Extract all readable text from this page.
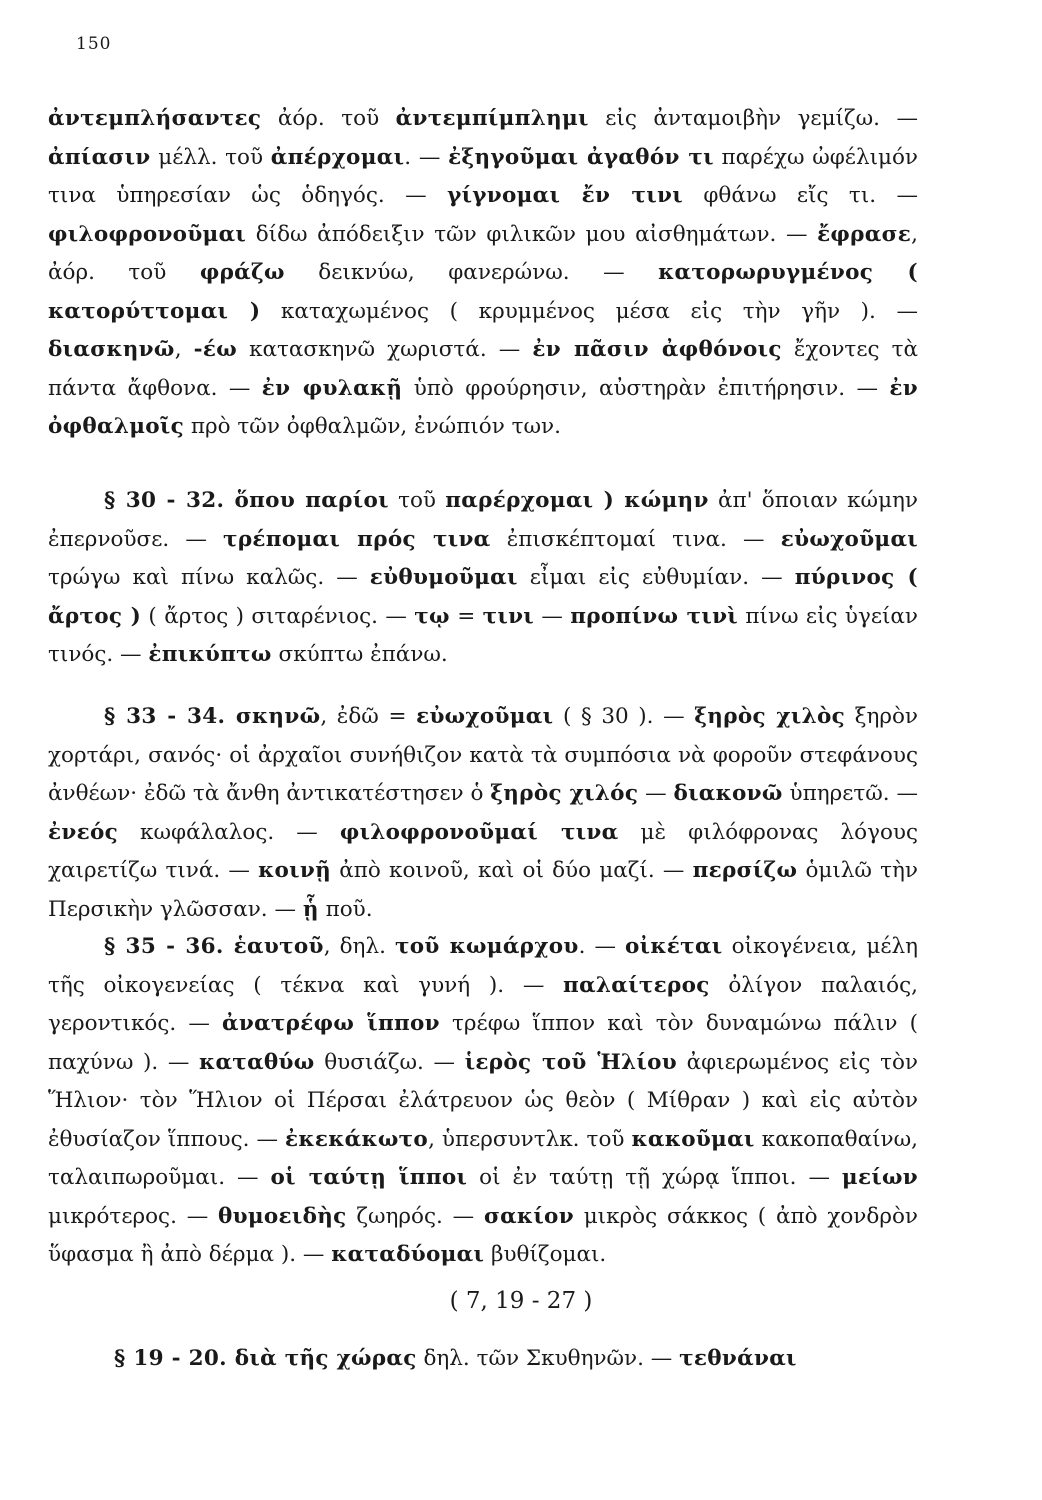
150

ἀντεμπλήσαντες ἀόρ. τοῦ ἀντεμπίμπλημι εἰς ἀνταμοιβὴν γεμίζω. — ἀπίασιν μέλλ. τοῦ ἀπέρχομαι. — ἐξηγοῦμαι ἀγαθόν τι παρέχω ὠφέλιμόν τινα ὑπηρεσίαν ὡς ὁδηγός. — γίγνομαι ἔν τινι φθάνω εἴς τι. — φιλοφρονοῦμαι δίδω ἀπόδειξιν τῶν φιλικῶν μου αἰσθημάτων. — ἔφρασε, ἀόρ. τοῦ φράζω δεικνύω, φανερώνω. — κατορωρυγμένος ( κατορύττομαι ) καταχωμένος ( κρυμμένος μέσα εἰς τὴν γῆν ). — διασκηνῶ, -έω κατασκηνῶ χωριστά. — ἐν πᾶσιν ἀφθόνοις ἔχοντες τὰ πάντα ἄφθονα. — ἐν φυλακῇ ὑπὸ φρούρησιν, αὐστηρὰν ἐπιτήρησιν. — ἐν ὀφθαλμοῖς πρὸ τῶν ὀφθαλμῶν, ἐνώπιόν των.

§ 30 - 32. ὅπου παρίοι τοῦ παρέρχομαι ) κώμην ἀπ' ὅποιαν κώμην ἐπερνοῦσε. — τρέπομαι πρός τινα ἐπισκέπτομαί τινα. — εὐωχοῦμαι τρώγω καὶ πίνω καλῶς. — εὐθυμοῦμαι εἶμαι εἰς εὐθυμίαν. — πύρινος ( ἄρτος ) ( ἄρτος ) σιταρένιος. — τῳ = τινι — προπίνω τινὶ πίνω εἰς ὑγείαν τινός. — ἐπικύπτω σκύπτω ἐπάνω.

§ 33 - 34. σκηνῶ, ἐδῶ = εὐωχοῦμαι ( § 30 ). — ξηρὸς χιλὸς ξηρὸν χορτάρι, σανός· οἱ ἀρχαῖοι συνήθιζον κατὰ τὰ συμπόσια νὰ φοροῦν στεφάνους ἀνθέων· ἐδῶ τὰ ἄνθη ἀντικατέστησεν ὁ ξηρὸς χιλός — διακονῶ ὑπηρετῶ. — ἐνεός κωφάλαλος. — φιλοφρονοῦμαί τινα μὲ φιλόφρονας λόγους χαιρετίζω τινά. — κοινῇ ἀπὸ κοινοῦ, καὶ οἱ δύο μαζί. — περσίζω ὁμιλῶ τὴν Περσικὴν γλῶσσαν. — ᾗ ποῦ.

§ 35 - 36. ἑαυτοῦ, δηλ. τοῦ κωμάρχου. — οἰκέται οἰκογένεια, μέλη τῆς οἰκογενείας ( τέκνα καὶ γυνή ). — παλαίτερος ὀλίγον παλαιός, γεροντικός. — ἀνατρέφω ἵππον τρέφω ἵππον καὶ τὸν δυναμώνω πάλιν ( παχύνω ). — καταθύω θυσιάζω. — ἱερὸς τοῦ Ἡλίου ἀφιερωμένος εἰς τὸν Ἥλιον· τὸν Ἥλιον οἱ Πέρσαι ἐλάτρευον ὡς θεὸν ( Μίθραν ) καὶ εἰς αὐτὸν ἐθυσίαζον ἵππους. — ἐκεκάκωτο, ὑπερσυντλκ. τοῦ κακοῦμαι κακοπαθαίνω, ταλαιπωροῦμαι. — οἱ ταύτῃ ἵπποι οἱ ἐν ταύτῃ τῇ χώρᾳ ἵπποι. — μείων μικρότερος. — θυμοειδὴς ζωηρός. — σακίον μικρὸς σάκκος ( ἀπὸ χονδρὸν ὕφασμα ἢ ἀπὸ δέρμα ). — καταδύομαι βυθίζομαι.

( 7, 19 - 27 )

§ 19 - 20. διὰ τῆς χώρας δηλ. τῶν Σκυθηνῶν. — τεθνάναι
